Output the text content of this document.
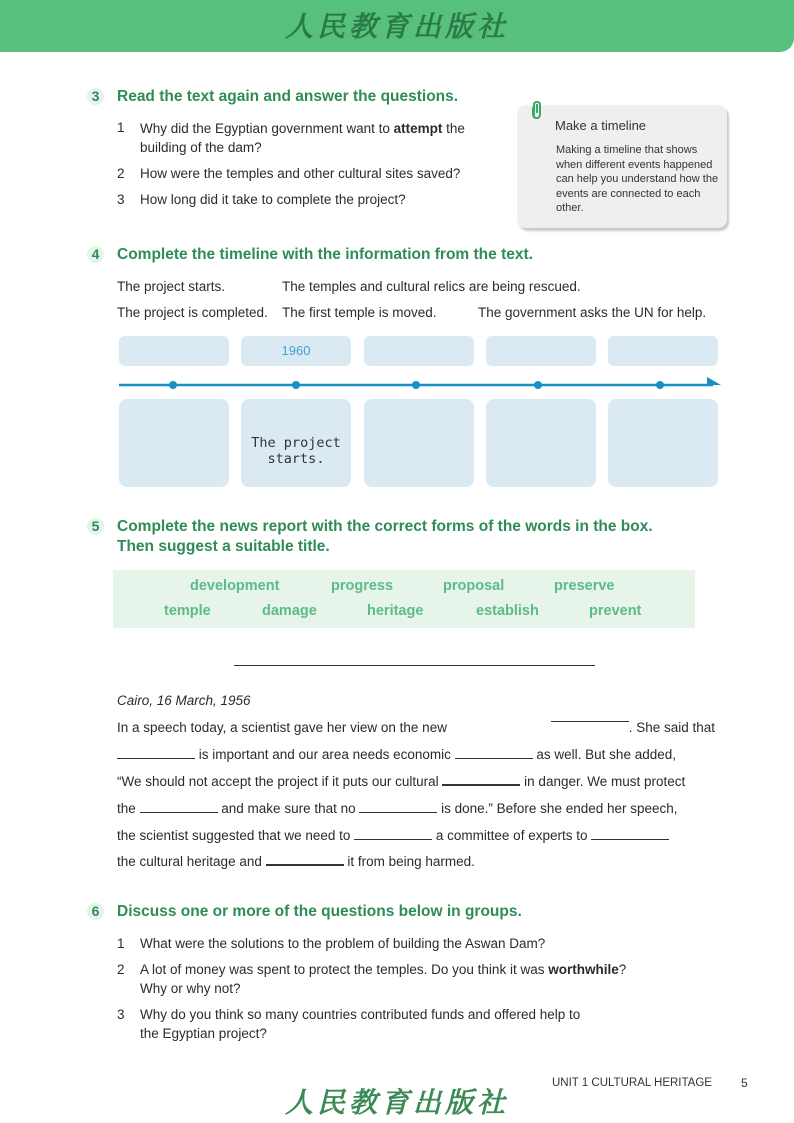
人民教育出版社
3 Read the text again and answer the questions.
1 Why did the Egyptian government want to attempt the building of the dam?
2 How were the temples and other cultural sites saved?
3 How long did it take to complete the project?
Make a timeline
Making a timeline that shows when different events happened can help you understand how the events are connected to each other.
4 Complete the timeline with the information from the text.
The project starts.	The temples and cultural relics are being rescued.
The project is completed. The first temple is moved.	The government asks the UN for help.
1960
The project starts.
5 Complete the news report with the correct forms of the words in the box.
Then suggest a suitable title.
development	progress	proposal	preserve
temple	damage	heritage	establish	prevent
Cairo, 16 March, 1956
In a speech today, a scientist gave her view on the new	. She said that
is important and our area needs economic	as well. But she added,
“We should not accept the project if it puts our cultural	in danger. We must protect
the	and make sure that no	is done.” Before she ended her speech,
the scientist suggested that we need to	a committee of experts to
the cultural heritage and	it from being harmed.
6 Discuss one or more of the questions below in groups.
1 What were the solutions to the problem of building the Aswan Dam?
2 A lot of money was spent to protect the temples. Do you think it was worthwhile?
Why or why not?
3 Why do you think so many countries contributed funds and offered help to
the Egyptian project?
UNIT 1 CULTURAL HERITAGE 5
人民教育出版社
